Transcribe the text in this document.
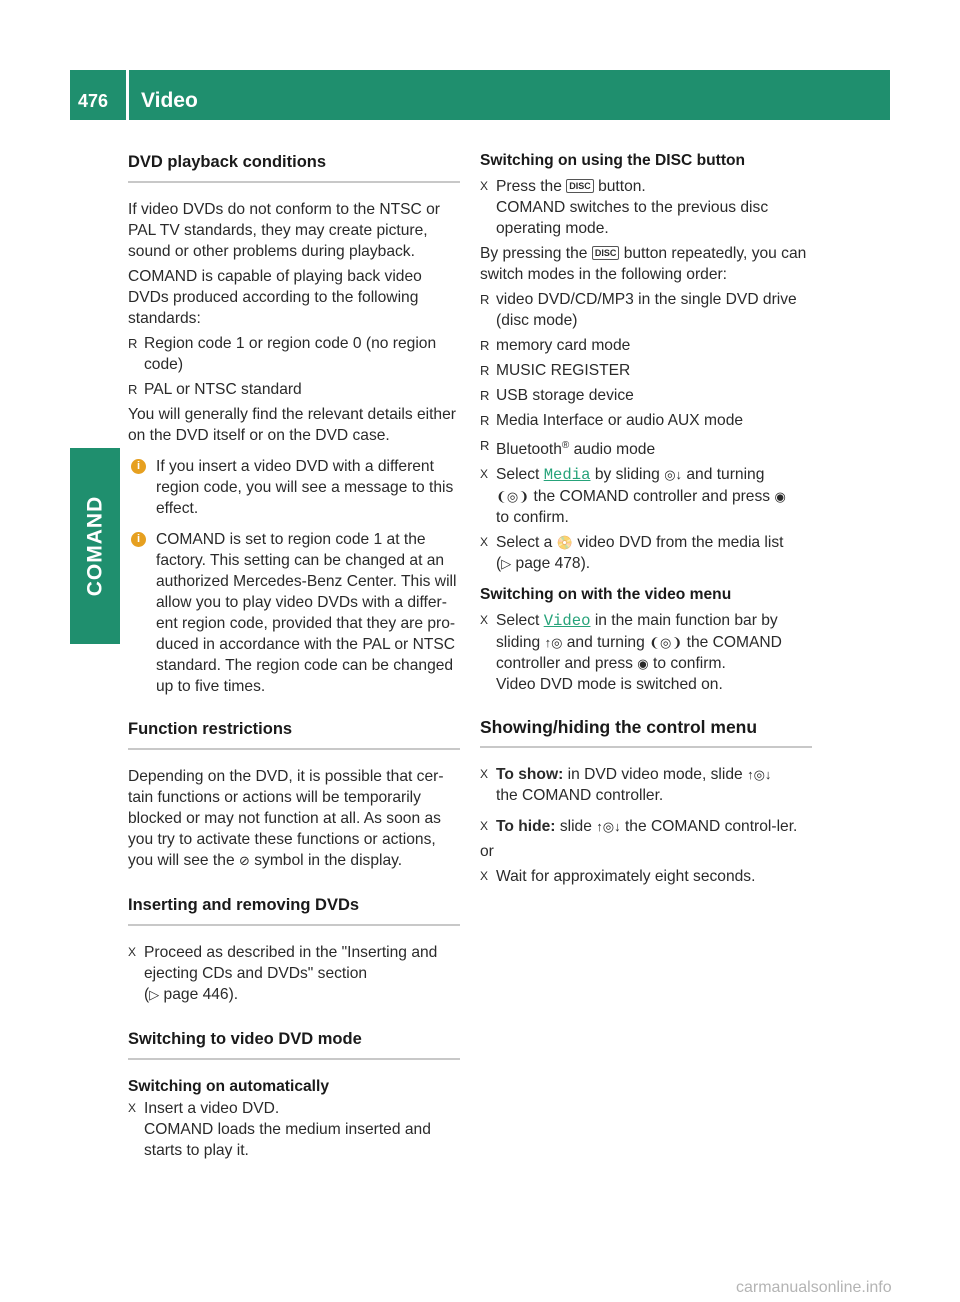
476	Video
COMAND
DVD playback conditions

If video DVDs do not conform to the NTSC or PAL TV standards, they may create picture, sound or other problems during playback.

COMAND is capable of playing back video DVDs produced according to the following standards:

R Region code 1 or region code 0 (no region code)
R PAL or NTSC standard

You will generally find the relevant details either on the DVD itself or on the DVD case.

i	If you insert a video DVD with a different region code, you will see a message to this effect.
i	COMAND is set to region code 1 at the factory. This setting can be changed at an authorized Mercedes-Benz Center. This will allow you to play video DVDs with a differ-ent region code, provided that they are pro-duced in accordance with the PAL or NTSC standard. The region code can be changed up to five times.
Function restrictions

Depending on the DVD, it is possible that cer-tain functions or actions will be temporarily blocked or may not function at all. As soon as you try to activate these functions or actions, you will see the ⊘ symbol in the display.

Inserting and removing DVDs
X Proceed as described in the "Inserting and ejecting CDs and DVDs" section
(▷ page 446).
Switching to video DVD mode
Switching on automatically
X Insert a video DVD.
COMAND loads the medium inserted and starts to play it.
Switching on using the DISC button
X Press the DISC button.
COMAND switches to the previous disc operating mode.

By pressing the DISC button repeatedly, you can switch modes in the following order:

R video DVD/CD/MP3 in the single DVD drive (disc mode)
R memory card mode
R MUSIC REGISTER
R USB storage device
R Media Interface or audio AUX mode
R Bluetooth® audio mode
X Select Media by sliding ◎↓ and turning
❨◎❩ the COMAND controller and press ◉
to confirm.
X Select a 📀 video DVD from the media list
(▷ page 478).
Switching on with the video menu
X Select Video in the main function bar by sliding ↑◎ and turning ❨◎❩ the COMAND controller and press ◉ to confirm.
Video DVD mode is switched on.
Showing/hiding the control menu
X To show: in DVD video mode, slide ↑◎↓
the COMAND controller.
X To hide: slide ↑◎↓ the COMAND control-ler.

or

X Wait for approximately eight seconds.
carmanualsonline.info
